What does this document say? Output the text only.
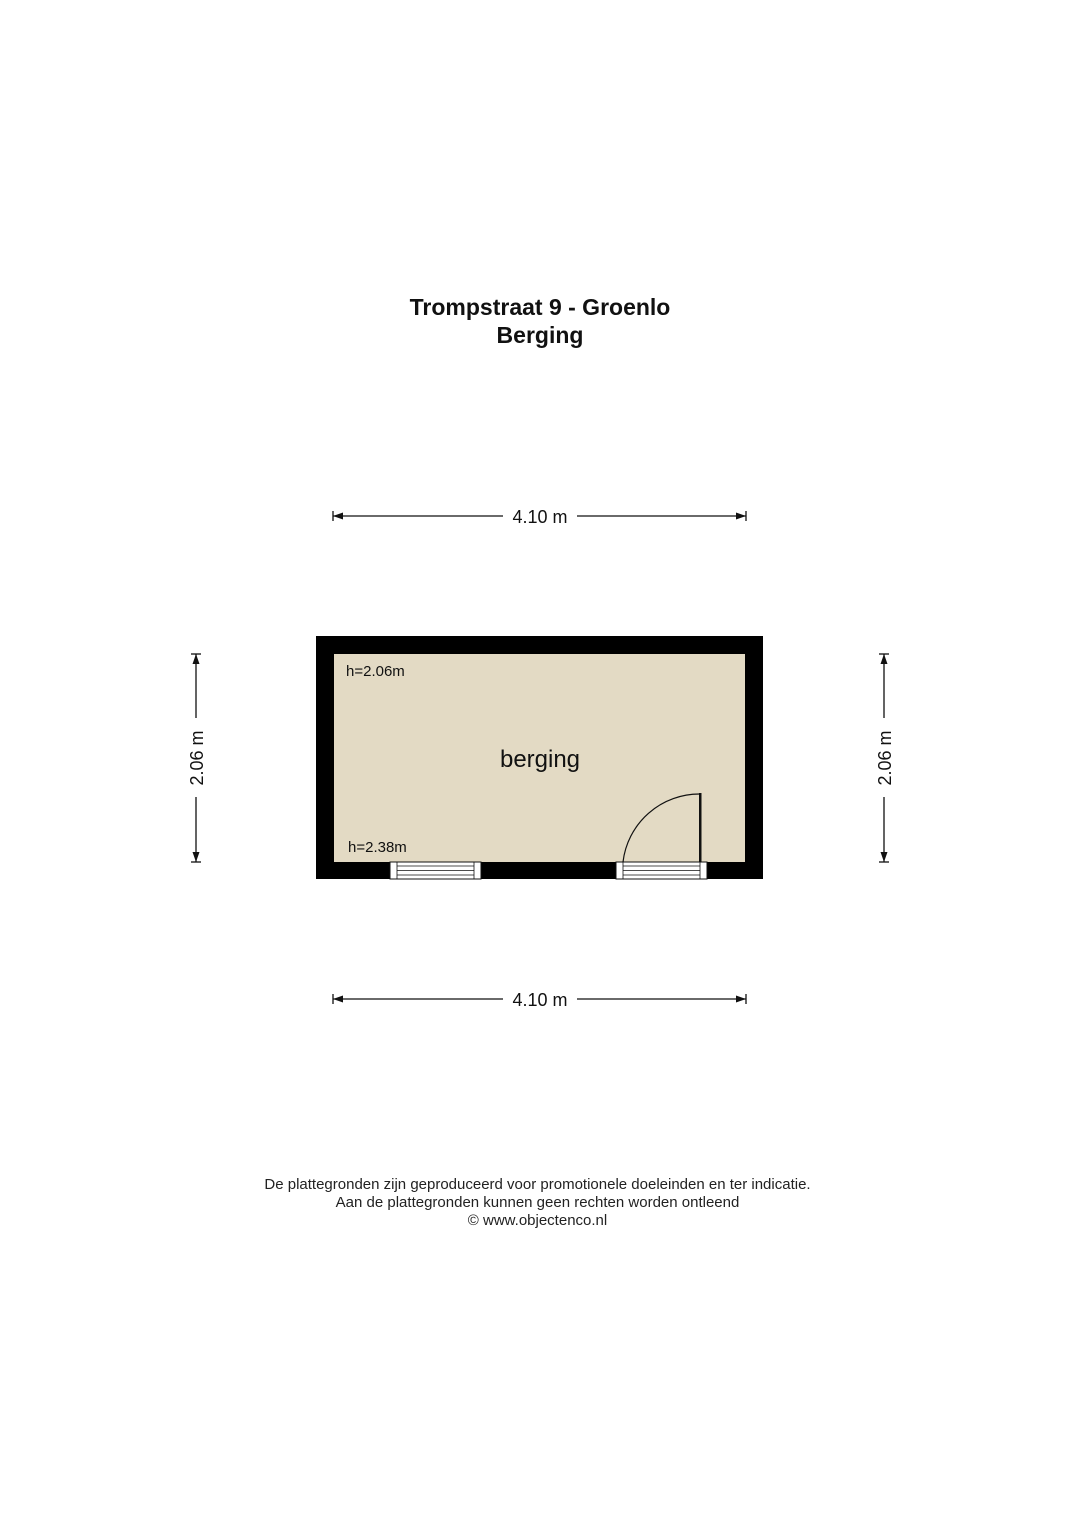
Trompstraat 9 - Groenlo
Berging
4.10 m
4.10 m
2.06 m	2.06 m
h=2.06m
h=2.38m
berging
De plattegronden zijn geproduceerd voor promotionele doeleinden en ter indicatie.
Aan de plattegronden kunnen geen rechten worden ontleend
© www.objectenco.nl
